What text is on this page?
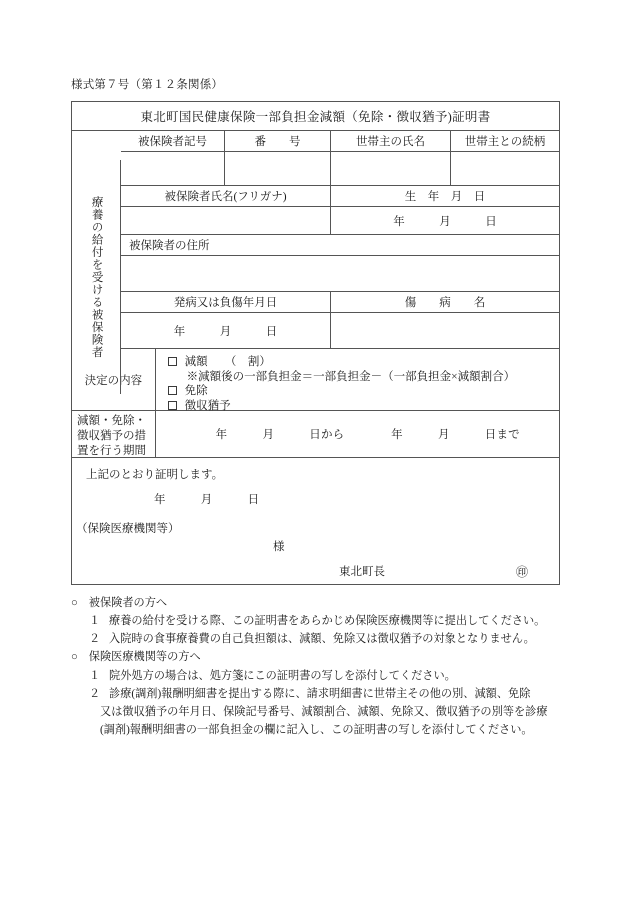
様式第７号（第１２条関係）
東北町国民健康保険一部負担金減額（免除・徴収猶予)証明書
療養の給付を受ける被保険者
被保険者記号	番　　号	世帯主の氏名	世帯主との続柄
被保険者氏名(フリガナ)	生　年　月　日
年　　　月　　　日
被保険者の住所
発病又は負傷年月日	傷　　病　　名
年　　　月　　　日
決定の内容
減額　　（　割）
※減額後の一部負担金＝一部負担金－（一部負担金×減額割合）
免除
徴収猶予
減額・免除・徴収猶予の措置を行う期間
年　　　月　　　日から　　　　年　　　月　　　日まで
上記のとおり証明します。
年　　　月　　　日
（保険医療機関等）
様
東北町長	㊞
○ 被保険者の方へ
１ 療養の給付を受ける際、この証明書をあらかじめ保険医療機関等に提出してください。
２ 入院時の食事療養費の自己負担額は、減額、免除又は徴収猶予の対象となりません。
○ 保険医療機関等の方へ
１ 院外処方の場合は、処方箋にこの証明書の写しを添付してください。
２ 診療(調剤)報酬明細書を提出する際に、請求明細書に世帯主その他の別、減額、免除

又は徴収猶予の年月日、保険記号番号、減額割合、減額、免除又、徴収猶予の別等を診療

(調剤)報酬明細書の一部負担金の欄に記入し、この証明書の写しを添付してください。
